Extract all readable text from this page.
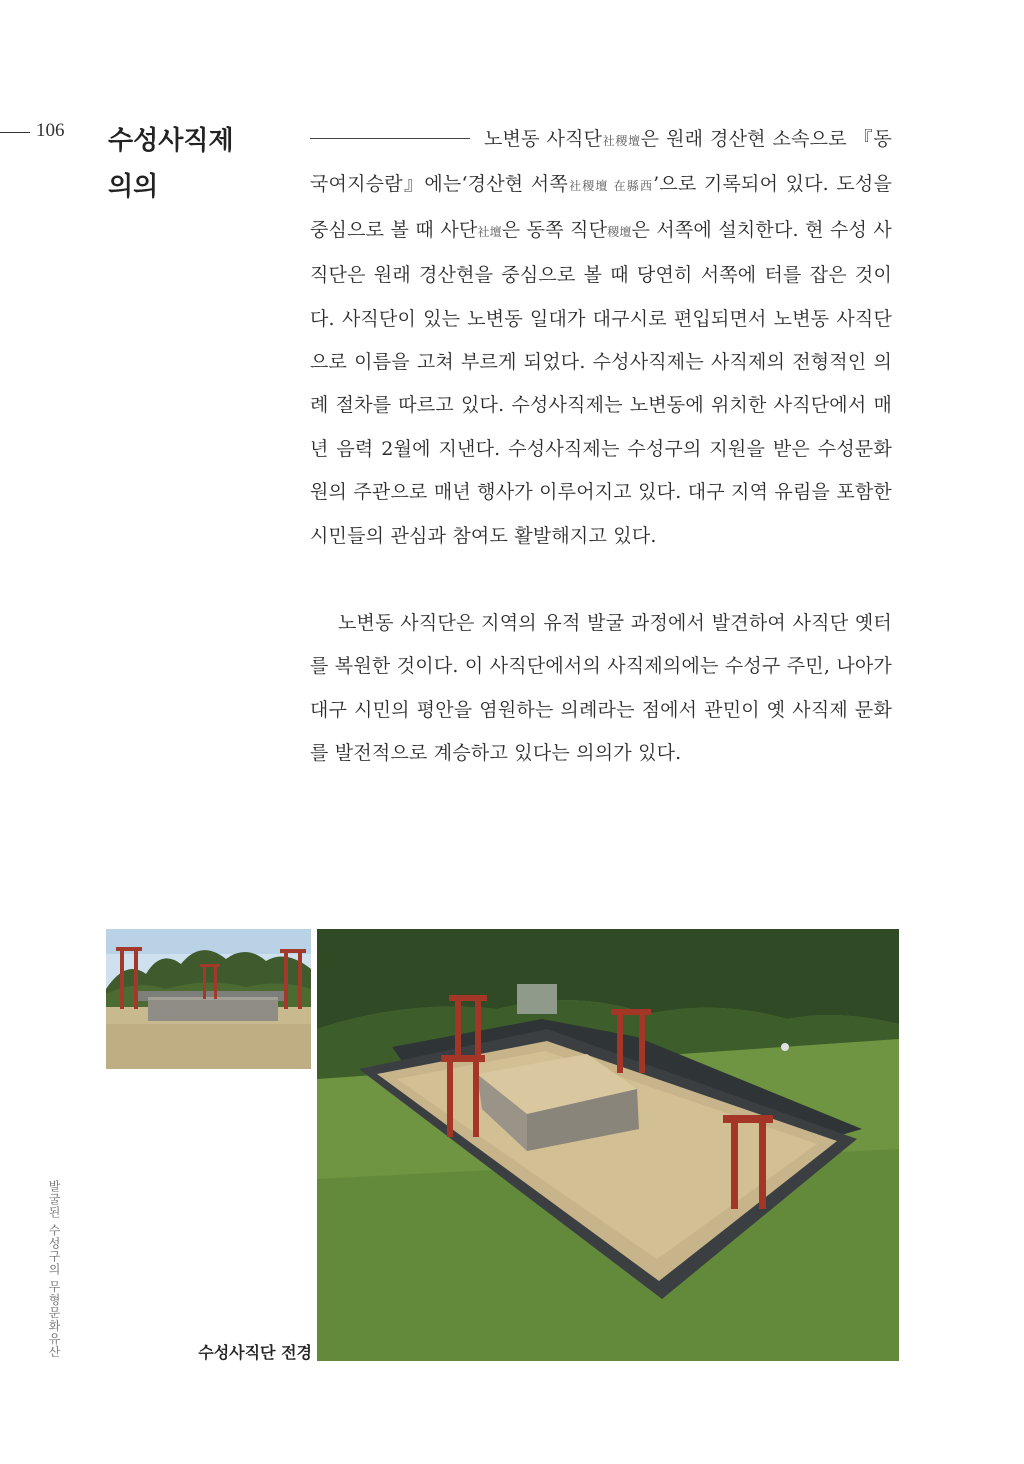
106 수성사직제
의의

노변동 사직단社稷壇은 원래 경산현 소속으로 『동국여지승람』에는‘경산현 서쪽社稷壇 在縣西’으로 기록되어 있다. 도성을 중심으로 볼 때 사단社壇은 동쪽 직단稷壇은 서쪽에 설치한다. 현 수성 사직단은 원래 경산현을 중심으로 볼 때 당연히 서쪽에 터를 잡은 것이다. 사직단이 있는 노변동 일대가 대구시로 편입되면서 노변동 사직단으로 이름을 고쳐 부르게 되었다. 수성사직제는 사직제의 전형적인 의례 절차를 따르고 있다. 수성사직제는 노변동에 위치한 사직단에서 매년 음력 2월에 지낸다. 수성사직제는 수성구의 지원을 받은 수성문화원의 주관으로 매년 행사가 이루어지고 있다. 대구 지역 유림을 포함한 시민들의 관심과 참여도 활발해지고 있다.

노변동 사직단은 지역의 유적 발굴 과정에서 발견하여 사직단 옛터를 복원한 것이다. 이 사직단에서의 사직제의에는 수성구 주민, 나아가 대구 시민의 평안을 염원하는 의례라는 점에서 관민이 옛 사직제 문화를 발전적으로 계승하고 있다는 의의가 있다.

수성사직단 전경
발굴된 수성구의 무형문화유산
